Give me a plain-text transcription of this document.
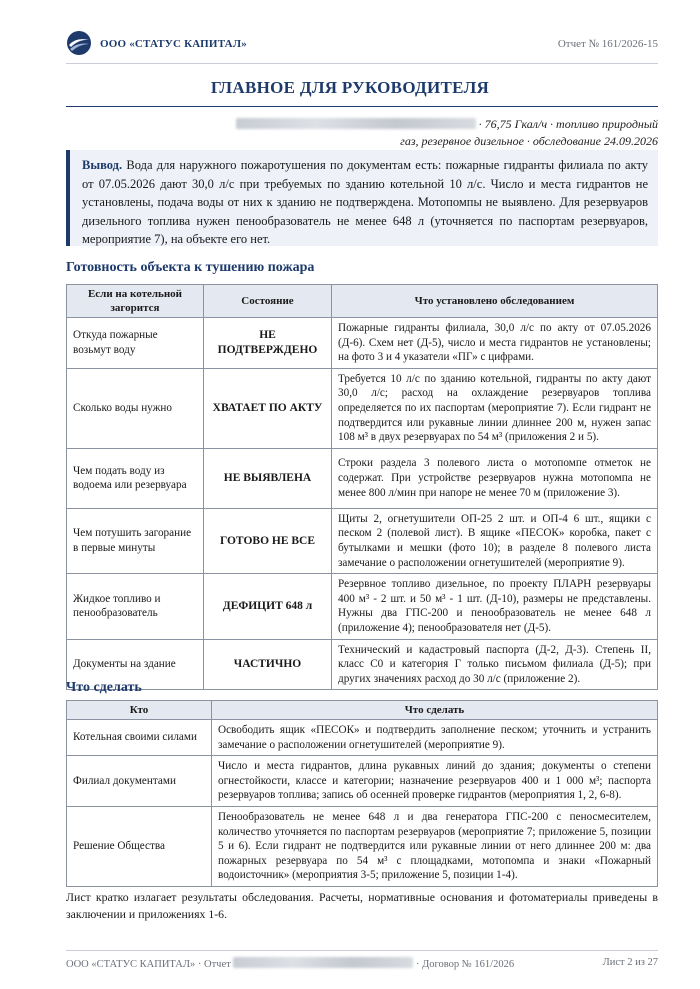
ООО «СТАТУС КАПИТАЛ»	Отчет № 161/2026-15
ГЛАВНОЕ ДЛЯ РУКОВОДИТЕЛЯ
· 76,75 Гкал/ч · топливо природный
газ, резервное дизельное · обследование 24.09.2026
Вывод. Вода для наружного пожаротушения по документам есть: пожарные гидранты филиала по акту от 07.05.2026 дают 30,0 л/с при требуемых по зданию котельной 10 л/с. Число и места гидрантов не установлены, подача воды от них к зданию не подтверждена. Мотопомпы не выявлено. Для резервуаров дизельного топлива нужен пенообразователь не менее 648 л (уточняется по паспортам резервуаров, мероприятие 7), на объекте его нет.
Готовность объекта к тушению пожара
Если на котельной загорится	Состояние	Что установлено обследованием
Откуда пожарные возьмут воду	НЕ ПОДТВЕРЖДЕНО	Пожарные гидранты филиала, 30,0 л/с по акту от 07.05.2026 (Д-6). Схем нет (Д-5), число и места гидрантов не установлены; на фото 3 и 4 указатели «ПГ» с цифрами.
Сколько воды нужно	ХВАТАЕТ ПО АКТУ	Требуется 10 л/с по зданию котельной, гидранты по акту дают 30,0 л/с; расход на охлаждение резервуаров топлива определяется по их паспортам (мероприятие 7). Если гидрант не подтвердится или рукавные линии длиннее 200 м, нужен запас 108 м³ в двух резервуарах по 54 м³ (приложения 2 и 5).
Чем подать воду из водоема или резервуара	НЕ ВЫЯВЛЕНА	Строки раздела 3 полевого листа о мотопомпе отметок не содержат. При устройстве резервуаров нужна мотопомпа не менее 800 л/мин при напоре не менее 70 м (приложение 3).
Чем потушить загорание в первые минуты	ГОТОВО НЕ ВСЕ	Щиты 2, огнетушители ОП-25 2 шт. и ОП-4 6 шт., ящики с песком 2 (полевой лист). В ящике «ПЕСОК» коробка, пакет с бутылками и мешки (фото 10); в разделе 8 полевого листа замечание о расположении огнетушителей (мероприятие 9).
Жидкое топливо и пенообразователь	ДЕФИЦИТ 648 л	Резервное топливо дизельное, по проекту ПЛАРН резервуары 400 м³ - 2 шт. и 50 м³ - 1 шт. (Д-10), размеры не представлены. Нужны два ГПС-200 и пенообразователь не менее 648 л (приложение 4); пенообразователя нет (Д-5).
Документы на здание	ЧАСТИЧНО	Технический и кадастровый паспорта (Д-2, Д-3). Степень II, класс С0 и категория Г только письмом филиала (Д-5); при других значениях расход до 30 л/с (приложение 2).
Что сделать
Кто	Что сделать
Котельная своими силами	Освободить ящик «ПЕСОК» и подтвердить заполнение песком; уточнить и устранить замечание о расположении огнетушителей (мероприятие 9).
Филиал документами	Число и места гидрантов, длина рукавных линий до здания; документы о степени огнестойкости, классе и категории; назначение резервуаров 400 и 1 000 м³; паспорта резервуаров топлива; запись об осенней проверке гидрантов (мероприятия 1, 2, 6-8).
Решение Общества	Пенообразователь не менее 648 л и два генератора ГПС-200 с пеносмесителем, количество уточняется по паспортам резервуаров (мероприятие 7; приложение 5, позиции 5 и 6). Если гидрант не подтвердится или рукавные линии от него длиннее 200 м: два пожарных резервуара по 54 м³ с площадками, мотопомпа и знаки «Пожарный водоисточник» (мероприятия 3-5; приложение 5, позиции 1-4).
Лист кратко излагает результаты обследования. Расчеты, нормативные основания и фотоматериалы приведены в заключении и приложениях 1-6.
ООО «СТАТУС КАПИТАЛ» · Отчет	· Договор № 161/2026	Лист 2 из 27
